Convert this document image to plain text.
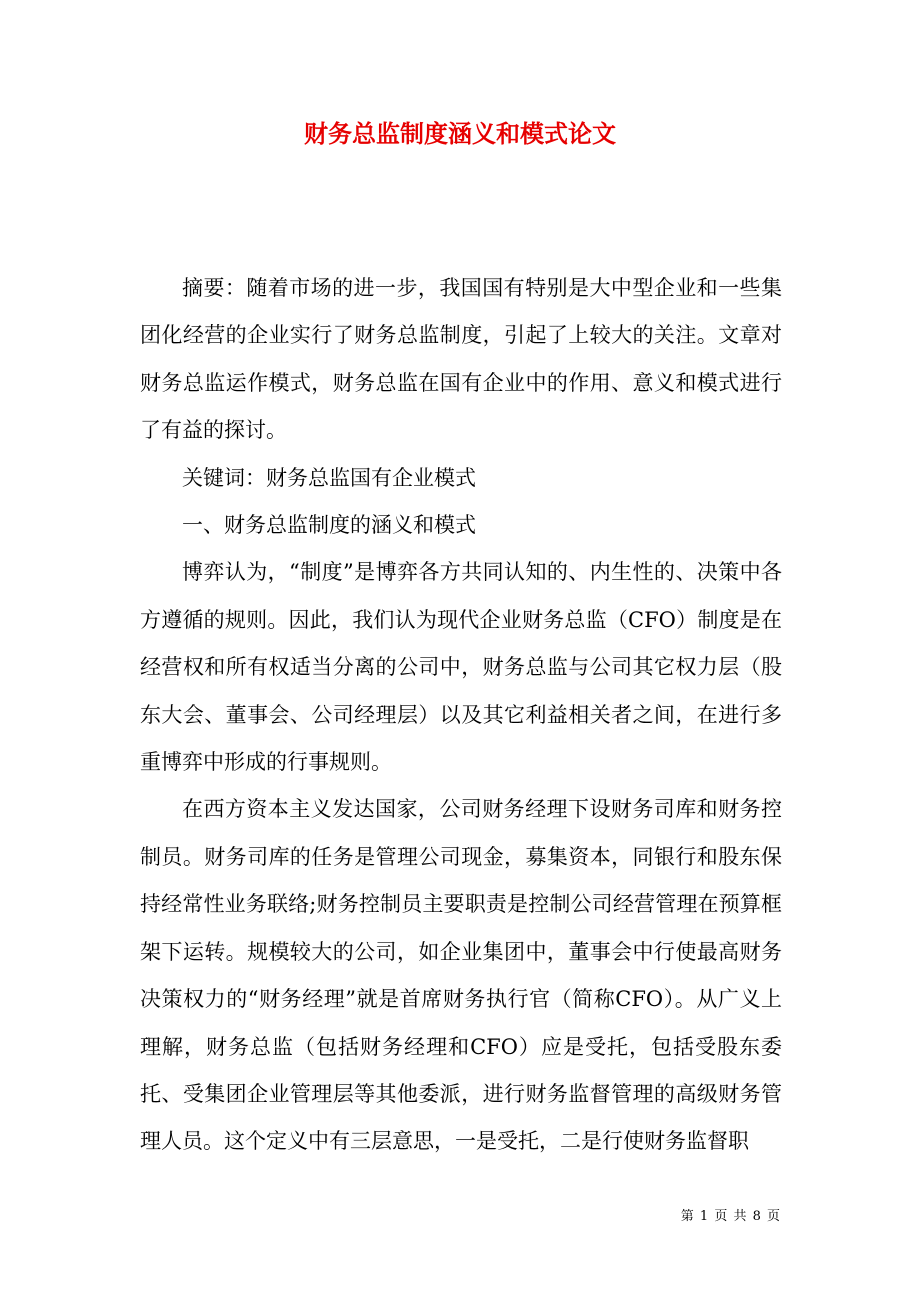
财务总监制度涵义和模式论文

摘要：随着市场的进一步，我国国有特别是大中型企业和一些集团化经营的企业实行了财务总监制度，引起了上较大的关注。文章对财务总监运作模式，财务总监在国有企业中的作用、意义和模式进行了有益的探讨。

关键词：财务总监国有企业模式

一、财务总监制度的涵义和模式

博弈认为，“制度”是博弈各方共同认知的、内生性的、决策中各方遵循的规则。因此，我们认为现代企业财务总监（CFO）制度是在经营权和所有权适当分离的公司中，财务总监与公司其它权力层（股东大会、董事会、公司经理层）以及其它利益相关者之间，在进行多重博弈中形成的行事规则。

在西方资本主义发达国家，公司财务经理下设财务司库和财务控制员。财务司库的任务是管理公司现金，募集资本，同银行和股东保持经常性业务联络;财务控制员主要职责是控制公司经营管理在预算框架下运转。规模较大的公司，如企业集团中，董事会中行使最高财务决策权力的“财务经理”就是首席财务执行官（简称CFO）。从广义上理解，财务总监（包括财务经理和CFO）应是受托，包括受股东委托、受集团企业管理层等其他委派，进行财务监督管理的高级财务管理人员。这个定义中有三层意思，一是受托，二是行使财务监督职

第 1 页 共 8 页
